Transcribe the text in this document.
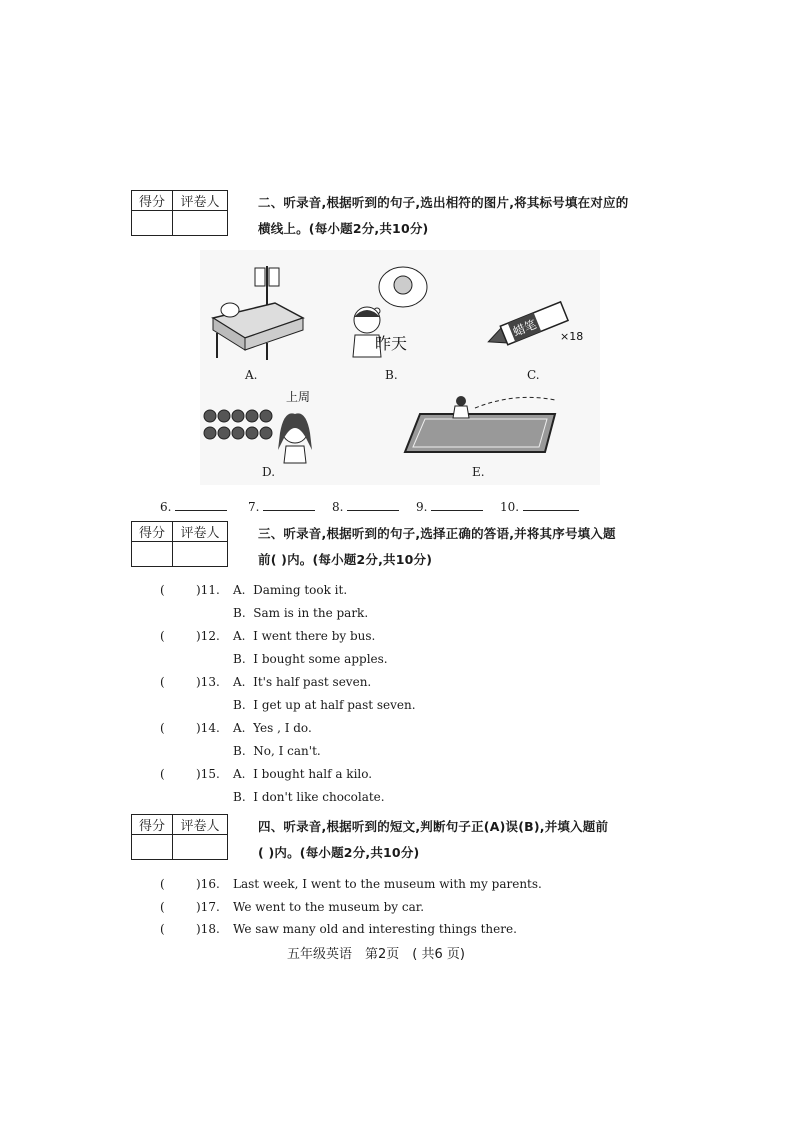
得分	评卷人
		二、听录音,根据听到的句子,选出相符的图片,将其标号填在对应的
横线上。(每小题2分,共10分)
A.
昨天
B.
蜡笔 ×18
C.
上周
D.	E.
6.	7.	8.	9.	10.
得分	评卷人
		三、听录音,根据听到的句子,选择正确的答语,并将其序号填入题
前( )内。(每小题2分,共10分)
(	)11. A.  Daming took it.
B.  Sam is in the park.
(	)12. A.  I went there by bus.
B.  I bought some apples.
(	)13. A.  It's half past seven.
B.  I get up at half past seven.
(	)14. A.  Yes , I do.
B.  No, I can't.
(	)15. A.  I bought half a kilo.
B.  I don't like chocolate.
得分	评卷人
		四、听录音,根据听到的短文,判断句子正(A)误(B),并填入题前
( )内。(每小题2分,共10分)
(	)16. Last week, I went to the museum with my parents.
(	)17. We went to the museum by car.
(	)18. We saw many old and interesting things there.
五年级英语　第2页　( 共6 页)
